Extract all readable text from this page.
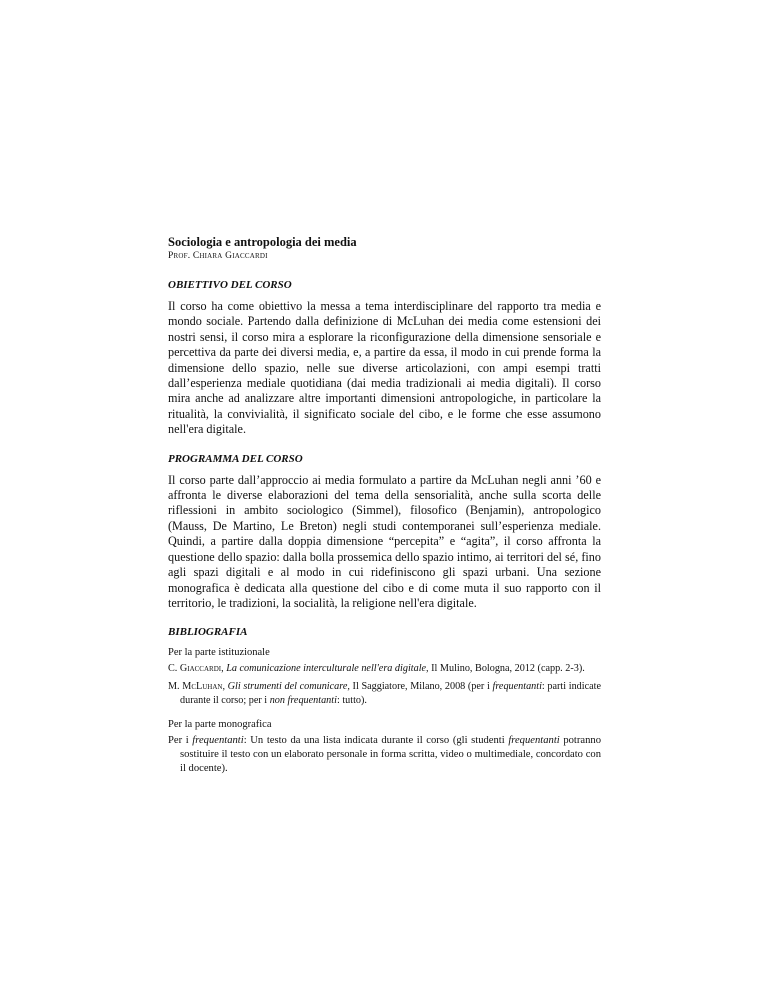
Sociologia e antropologia dei media

Prof. Chiara Giaccardi

OBIETTIVO DEL CORSO

Il corso ha come obiettivo la messa a tema interdisciplinare del rapporto tra media e mondo sociale. Partendo dalla definizione di McLuhan dei media come estensioni dei nostri sensi, il corso mira a esplorare la riconfigurazione della dimensione sensoriale e percettiva da parte dei diversi media, e, a partire da essa, il modo in cui prende forma la dimensione dello spazio, nelle sue diverse articolazioni, con ampi esempi tratti dall’esperienza mediale quotidiana (dai media tradizionali ai media digitali). Il corso mira anche ad analizzare altre importanti dimensioni antropologiche, in particolare la ritualità, la convivialità, il significato sociale del cibo, e le forme che esse assumono nell'era digitale.

PROGRAMMA DEL CORSO

Il corso parte dall’approccio ai media formulato a partire da McLuhan negli anni ’60 e affronta le diverse elaborazioni del tema della sensorialità, anche sulla scorta delle riflessioni in ambito sociologico (Simmel), filosofico (Benjamin), antropologico (Mauss, De Martino, Le Breton) negli studi contemporanei sull’esperienza mediale. Quindi, a partire dalla doppia dimensione “percepita” e “agita”, il corso affronta la questione dello spazio: dalla bolla prossemica dello spazio intimo, ai territori del sé, fino agli spazi digitali e al modo in cui ridefiniscono gli spazi urbani. Una sezione monografica è dedicata alla questione del cibo e di come muta il suo rapporto con il territorio, le tradizioni, la socialità, la religione nell'era digitale.

BIBLIOGRAFIA

Per la parte istituzionale

C. Giaccardi, La comunicazione interculturale nell'era digitale, Il Mulino, Bologna, 2012 (capp. 2-3).

M. McLuhan, Gli strumenti del comunicare, Il Saggiatore, Milano, 2008 (per i frequentanti: parti indicate durante il corso; per i non frequentanti: tutto).

Per la parte monografica

Per i frequentanti: Un testo da una lista indicata durante il corso (gli studenti frequentanti potranno sostituire il testo con un elaborato personale in forma scritta, video o multimediale, concordato con il docente).
